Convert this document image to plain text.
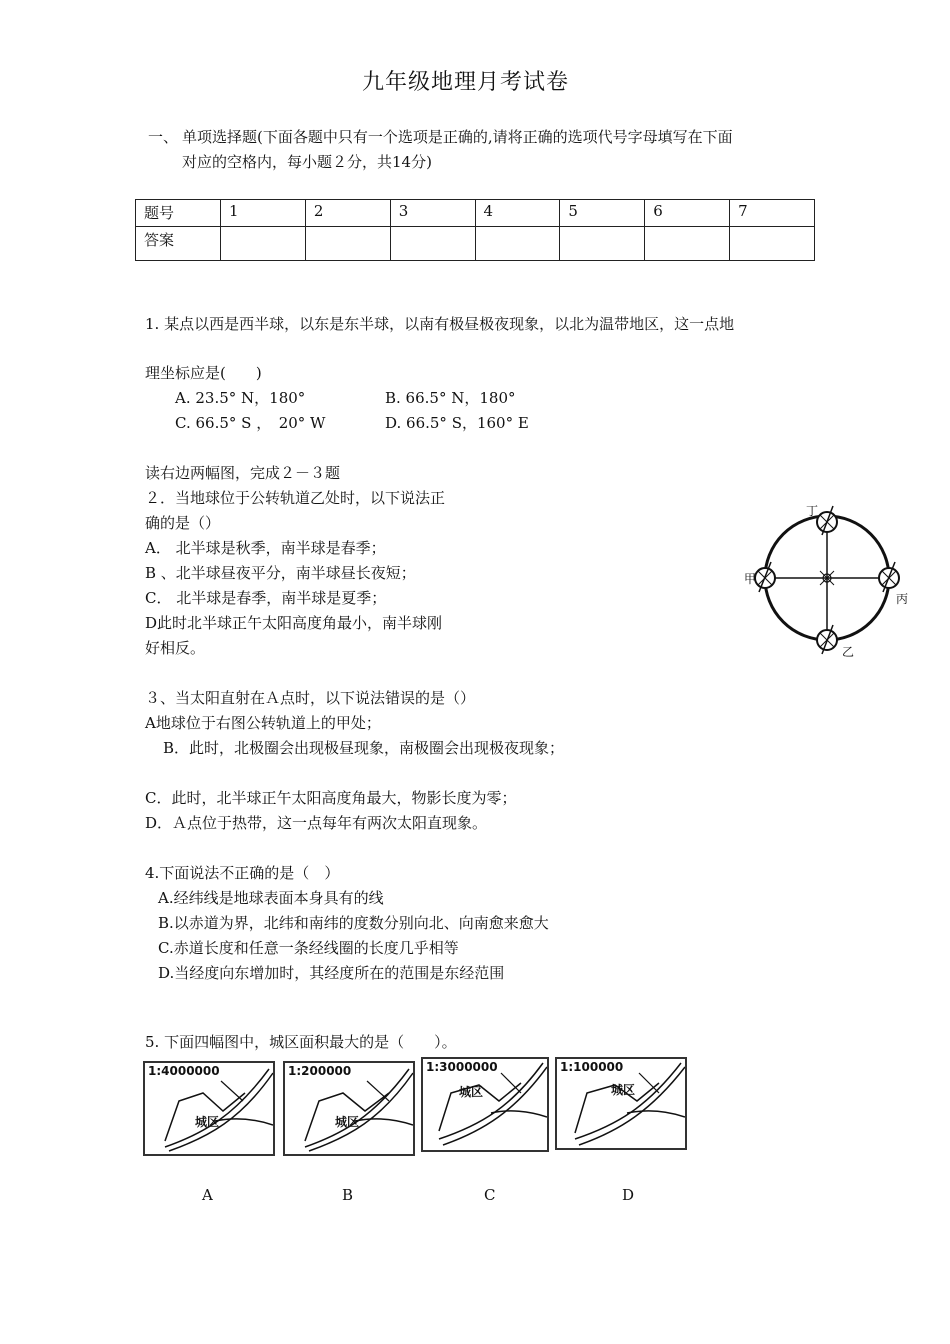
九年级地理月考试卷
一、 单项选择题(下面各题中只有一个选项是正确的,请将正确的选项代号字母填写在下面
对应的空格内，每小题２分，共14分)
题号	1	2	3	4	5	6	7
答案							
1. 某点以西是西半球，以东是东半球，以南有极昼极夜现象，以北为温带地区，这一点地
理坐标应是(　　)
A. 23.5° N，180°	B. 66.5° N，180°
C. 66.5° S ，　20° W	D. 66.5° S，160° E
读右边两幅图，完成２－３题
２．当地球位于公转轨道乙处时，以下说法正
确的是（）
A． 北半球是秋季，南半球是春季；
B 、北半球昼夜平分，南半球昼长夜短；
C． 北半球是春季，南半球是夏季；
D此时北半球正午太阳高度角最小，南半球刚
好相反。
丁
甲
丙
乙
３、当太阳直射在Ａ点时，以下说法错误的是（）
A地球位于右图公转轨道上的甲处；
B．此时，北极圈会出现极昼现象，南极圈会出现极夜现象；
C．此时，北半球正午太阳高度角最大，物影长度为零；
D．Ａ点位于热带，这一点每年有两次太阳直现象。
4.下面说法不正确的是（　）
A.经纬线是地球表面本身具有的线
B.以赤道为界，北纬和南纬的度数分别向北、向南愈来愈大
C.赤道长度和任意一条经线圈的长度几乎相等
D.当经度向东增加时，其经度所在的范围是东经范围
5. 下面四幅图中，城区面积最大的是（　　）。
1:4000000
城区
1:200000
城区
1:3000000
城区
1:100000
城区
A	B	C	D
